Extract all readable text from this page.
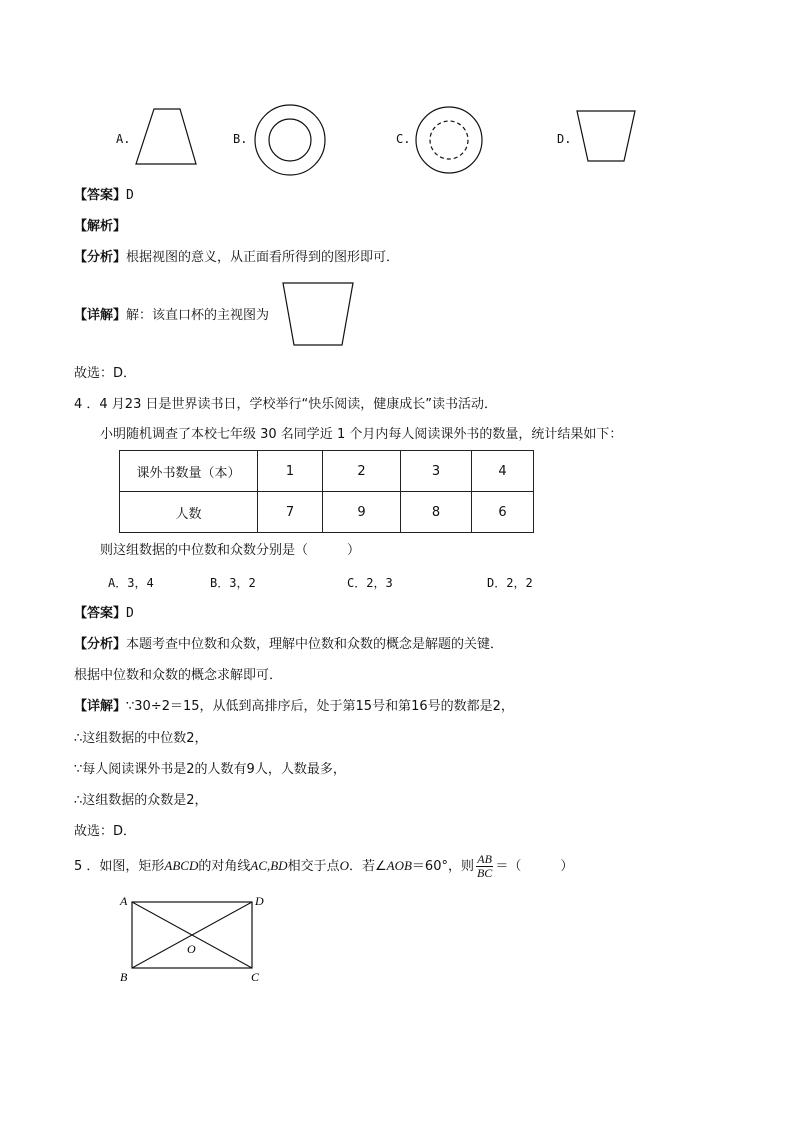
A.	B.	C.	D.
【答案】D
【解析】
【分析】根据视图的意义，从正面看所得到的图形即可．
【详解】解：该直口杯的主视图为
故选：D．
4 ．4 月23 日是世界读书日，学校举行“快乐阅读，健康成长”读书活动．
小明随机调查了本校七年级 30 名同学近 1 个月内每人阅读课外书的数量，统计结果如下：
课外书数量（本）	1	2	3	4
人数	7	9	8	6
则这组数据的中位数和众数分别是（　　　）
A．3，4	B．3，2	C．2，3	D．2，2
【答案】D
【分析】本题考查中位数和众数，理解中位数和众数的概念是解题的关键．
根据中位数和众数的概念求解即可．
【详解】∵30÷2＝15，从低到高排序后，处于第15号和第16号的数都是2，
∴这组数据的中位数2，
∵每人阅读课外书是2的人数有9人，人数最多，
∴这组数据的众数是2，
故选：D．
5 ．如图，矩形ABCD的对角线AC,BD相交于点O．若∠AOB＝60°，则 $\frac{AB}{BC}$ ＝（　　　）
A	D
B	C
O
